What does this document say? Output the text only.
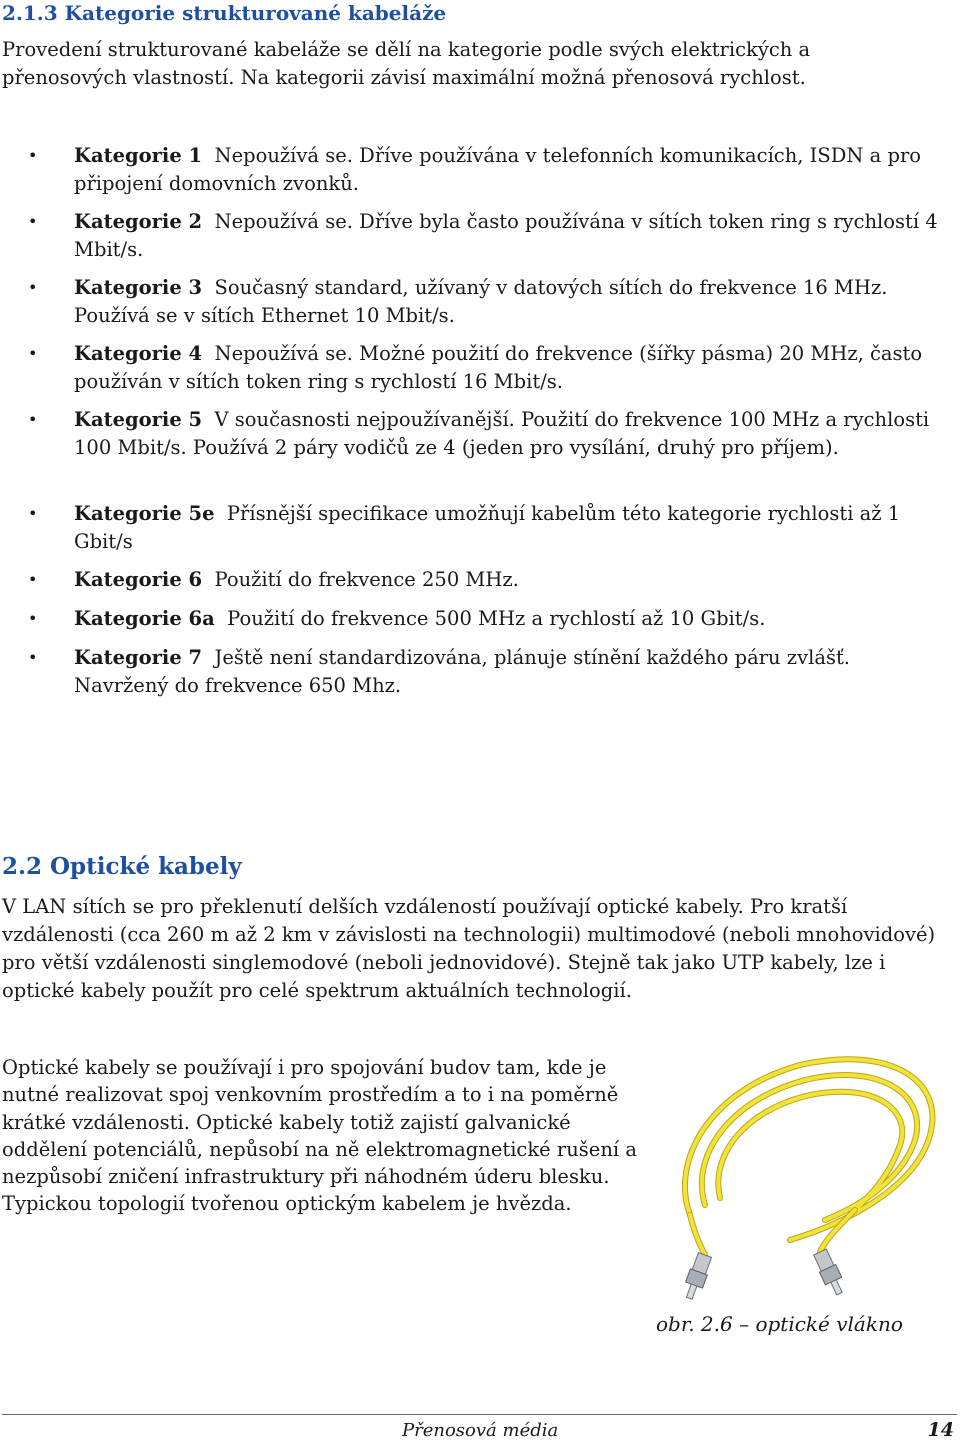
2.1.3 Kategorie strukturované kabeláže

Provedení strukturované kabeláže se dělí na kategorie podle svých elektrických a přenosových vlastností. Na kategorii závisí maximální možná přenosová rychlost.

• Kategorie 1 Nepoužívá se. Dříve používána v telefonních komunikacích, ISDN a pro připojení domovních zvonků.

• Kategorie 2 Nepoužívá se. Dříve byla často používána v sítích token ring s rychlostí 4 Mbit/s.

• Kategorie 3 Současný standard, užívaný v datových sítích do frekvence 16 MHz. Používá se v sítích Ethernet 10 Mbit/s.

• Kategorie 4 Nepoužívá se. Možné použití do frekvence (šířky pásma) 20 MHz, často používán v sítích token ring s rychlostí 16 Mbit/s.

• Kategorie 5 V současnosti nejpoužívanější. Použití do frekvence 100 MHz a rychlosti 100 Mbit/s. Používá 2 páry vodičů ze 4 (jeden pro vysílání, druhý pro příjem).

• Kategorie 5e Přísnější specifikace umožňují kabelům této kategorie rychlosti až 1 Gbit/s

• Kategorie 6 Použití do frekvence 250 MHz.

• Kategorie 6a Použití do frekvence 500 MHz a rychlostí až 10 Gbit/s.

• Kategorie 7 Ještě není standardizována, plánuje stínění každého páru zvlášť. Navržený do frekvence 650 Mhz.

2.2 Optické kabely

V LAN sítích se pro překlenutí delších vzdáleností používají optické kabely. Pro kratší vzdálenosti (cca 260 m až 2 km v závislosti na technologii) multimodové (neboli mnohovidové) pro větší vzdálenosti singlemodové (neboli jednovidové). Stejně tak jako UTP kabely, lze i optické kabely použít pro celé spektrum aktuálních technologií.

Optické kabely se používají i pro spojování budov tam, kde je nutné realizovat spoj venkovním prostředím a to i na poměrně krátké vzdálenosti. Optické kabely totiž zajistí galvanické oddělení potenciálů, nepůsobí na ně elektromagnetické rušení a nezpůsobí zničení infrastruktury při náhodném úderu blesku. Typickou topologií tvořenou optickým kabelem je hvězda.

obr. 2.6 – optické vlákno
Přenosová média	14
